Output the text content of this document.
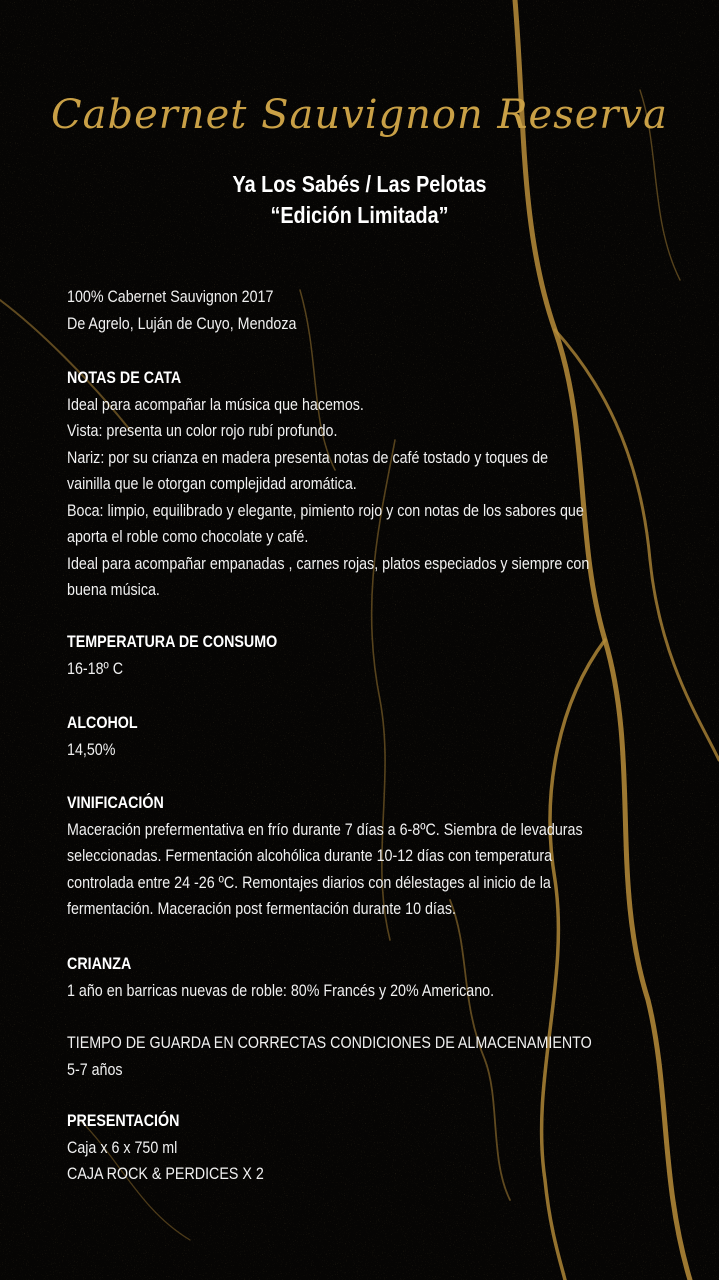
Cabernet Sauvignon Reserva
Ya Los Sabés / Las Pelotas
“Edición Limitada”
100% Cabernet Sauvignon 2017
De Agrelo, Luján de Cuyo, Mendoza
NOTAS DE CATA
Ideal para acompañar la música que hacemos.
Vista: presenta un color rojo rubí profundo.
Nariz: por su crianza en madera presenta notas de café tostado y toques de
vainilla que le otorgan complejidad aromática.
Boca: limpio, equilibrado y elegante, pimiento rojo y con notas de los sabores que
aporta el roble como chocolate y café.
Ideal para acompañar empanadas , carnes rojas, platos especiados y siempre con
buena música.
TEMPERATURA DE CONSUMO
16-18º C
ALCOHOL
14,50%
VINIFICACIÓN
Maceración prefermentativa en frío durante 7 días a 6-8ºC. Siembra de levaduras
seleccionadas. Fermentación alcohólica durante 10-12 días con temperatura
controlada entre 24 -26 ºC. Remontajes diarios con délestages al inicio de la
fermentación. Maceración post fermentación durante 10 días.
CRIANZA
1 año en barricas nuevas de roble: 80% Francés y 20% Americano.
TIEMPO DE GUARDA EN CORRECTAS CONDICIONES DE ALMACENAMIENTO
5-7 años
PRESENTACIÓN
Caja x 6 x 750 ml
CAJA ROCK & PERDICES X 2
